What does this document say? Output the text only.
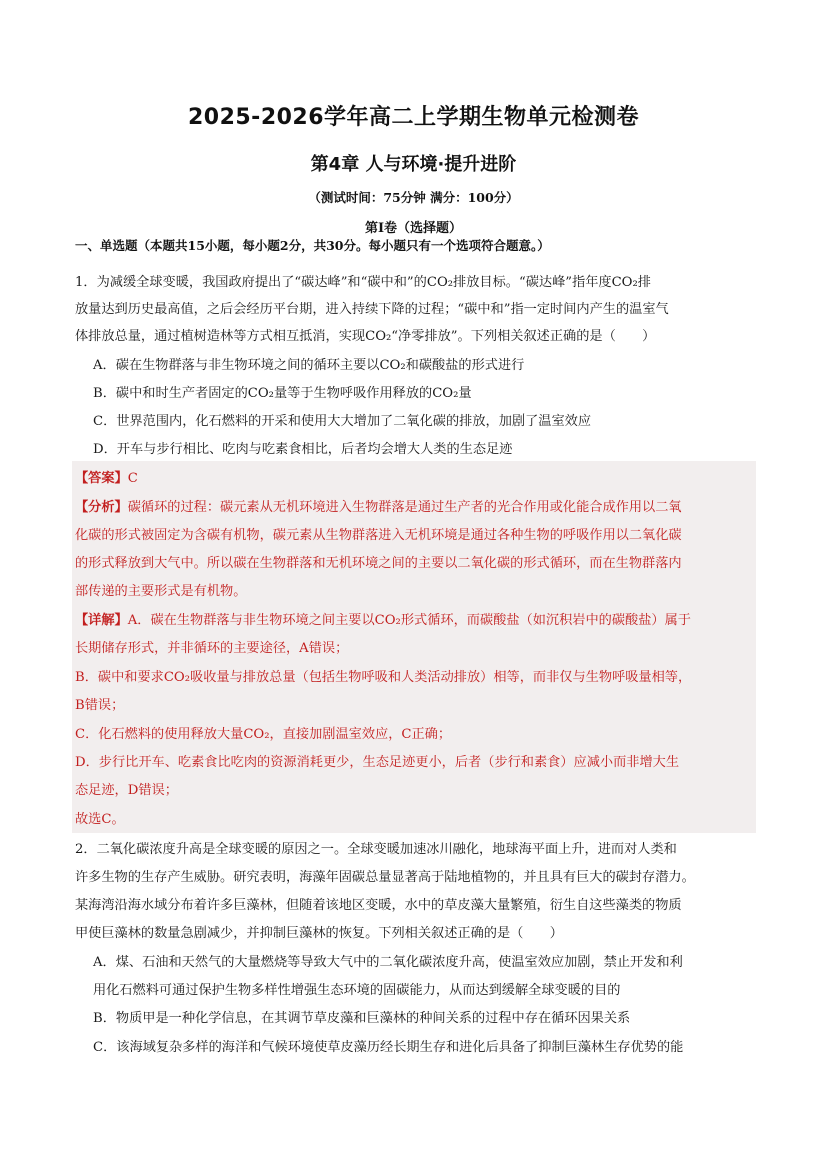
2025-2026学年高二上学期生物单元检测卷
第4章 人与环境·提升进阶
（测试时间：75分钟 满分：100分）
第I卷（选择题）
一、单选题（本题共15小题，每小题2分，共30分。每小题只有一个选项符合题意。）
1．为减缓全球变暖，我国政府提出了“碳达峰”和“碳中和”的CO₂排放目标。“碳达峰”指年度CO₂排
放量达到历史最高值，之后会经历平台期，进入持续下降的过程；“碳中和”指一定时间内产生的温室气
体排放总量，通过植树造林等方式相互抵消，实现CO₂“净零排放”。下列相关叙述正确的是（　　）
A．碳在生物群落与非生物环境之间的循环主要以CO₂和碳酸盐的形式进行
B．碳中和时生产者固定的CO₂量等于生物呼吸作用释放的CO₂量
C．世界范围内，化石燃料的开采和使用大大增加了二氧化碳的排放，加剧了温室效应
D．开车与步行相比、吃肉与吃素食相比，后者均会增大人类的生态足迹
【答案】C
【分析】碳循环的过程：碳元素从无机环境进入生物群落是通过生产者的光合作用或化能合成作用以二氧
化碳的形式被固定为含碳有机物，碳元素从生物群落进入无机环境是通过各种生物的呼吸作用以二氧化碳
的形式释放到大气中。所以碳在生物群落和无机环境之间的主要以二氧化碳的形式循环，而在生物群落内
部传递的主要形式是有机物。
【详解】A．碳在生物群落与非生物环境之间主要以CO₂形式循环，而碳酸盐（如沉积岩中的碳酸盐）属于
长期储存形式，并非循环的主要途径，A错误；
B．碳中和要求CO₂吸收量与排放总量（包括生物呼吸和人类活动排放）相等，而非仅与生物呼吸量相等，
B错误；
C．化石燃料的使用释放大量CO₂，直接加剧温室效应，C正确；
D．步行比开车、吃素食比吃肉的资源消耗更少，生态足迹更小，后者（步行和素食）应减小而非增大生
态足迹，D错误；
故选C。
2．二氧化碳浓度升高是全球变暖的原因之一。全球变暖加速冰川融化，地球海平面上升，进而对人类和
许多生物的生存产生威胁。研究表明，海藻年固碳总量显著高于陆地植物的，并且具有巨大的碳封存潜力。
某海湾沿海水域分布着许多巨藻林，但随着该地区变暖，水中的草皮藻大量繁殖，衍生自这些藻类的物质
甲使巨藻林的数量急剧减少，并抑制巨藻林的恢复。下列相关叙述正确的是（　　）
A．煤、石油和天然气的大量燃烧等导致大气中的二氧化碳浓度升高，使温室效应加剧，禁止开发和利
用化石燃料可通过保护生物多样性增强生态环境的固碳能力，从而达到缓解全球变暖的目的
B．物质甲是一种化学信息，在其调节草皮藻和巨藻林的种间关系的过程中存在循环因果关系
C．该海域复杂多样的海洋和气候环境使草皮藻历经长期生存和进化后具备了抑制巨藻林生存优势的能
